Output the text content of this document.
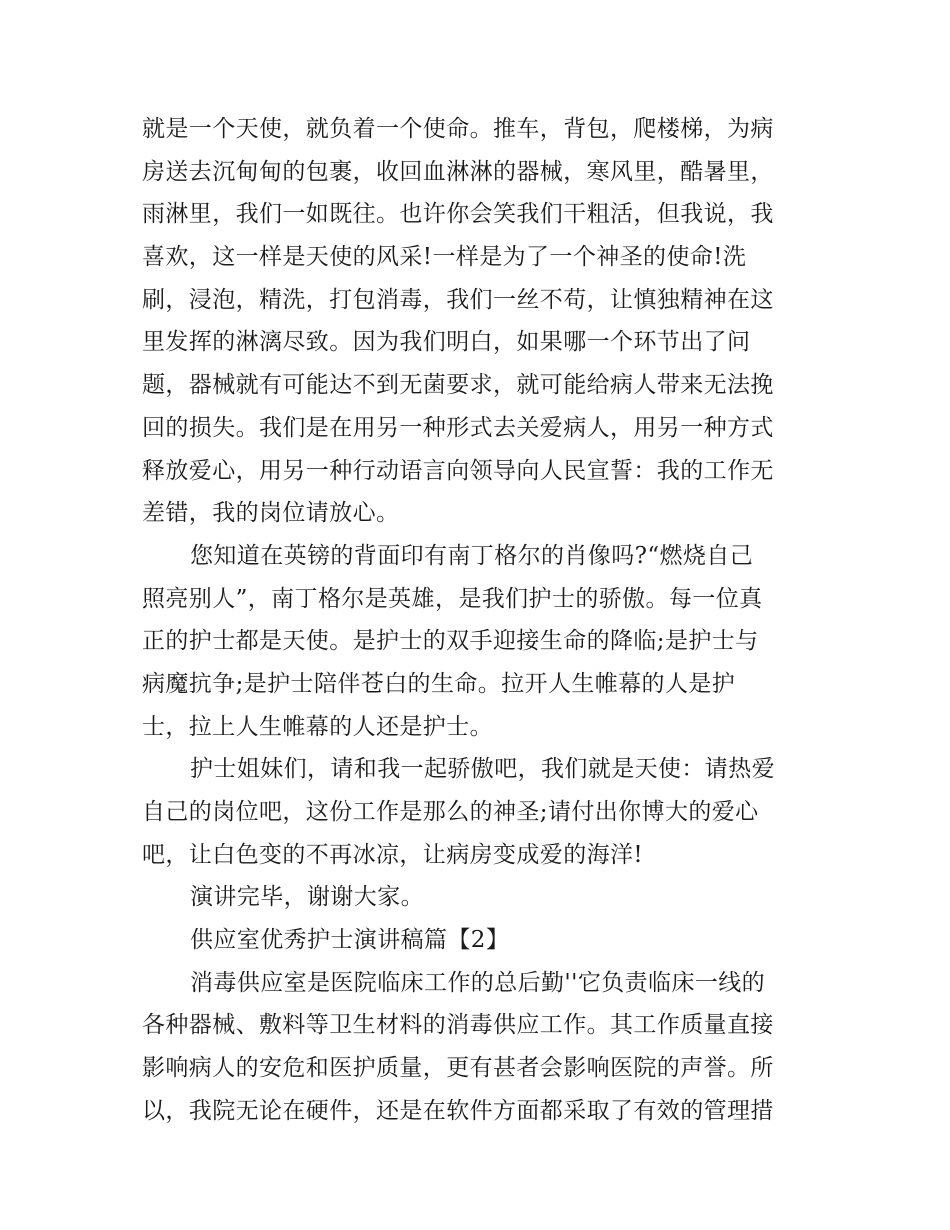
就是一个天使，就负着一个使命。推车，背包，爬楼梯，为病
房送去沉甸甸的包裹，收回血淋淋的器械，寒风里，酷暑里，
雨淋里，我们一如既往。也许你会笑我们干粗活，但我说，我
喜欢，这一样是天使的风采!一样是为了一个神圣的使命!洗
刷，浸泡，精洗，打包消毒，我们一丝不苟，让慎独精神在这
里发挥的淋漓尽致。因为我们明白，如果哪一个环节出了问
题，器械就有可能达不到无菌要求，就可能给病人带来无法挽
回的损失。我们是在用另一种形式去关爱病人，用另一种方式
释放爱心，用另一种行动语言向领导向人民宣誓：我的工作无
差错，我的岗位请放心。
您知道在英镑的背面印有南丁格尔的肖像吗?“燃烧自己
照亮别人”，南丁格尔是英雄，是我们护士的骄傲。每一位真
正的护士都是天使。是护士的双手迎接生命的降临;是护士与
病魔抗争;是护士陪伴苍白的生命。拉开人生帷幕的人是护
士，拉上人生帷幕的人还是护士。
护士姐妹们，请和我一起骄傲吧，我们就是天使：请热爱
自己的岗位吧，这份工作是那么的神圣;请付出你博大的爱心
吧，让白色变的不再冰凉，让病房变成爱的海洋!
演讲完毕，谢谢大家。
供应室优秀护士演讲稿篇【2】
消毒供应室是医院临床工作的总后勤''它负责临床一线的
各种器械、敷料等卫生材料的消毒供应工作。其工作质量直接
影响病人的安危和医护质量，更有甚者会影响医院的声誉。所
以，我院无论在硬件，还是在软件方面都采取了有效的管理措
